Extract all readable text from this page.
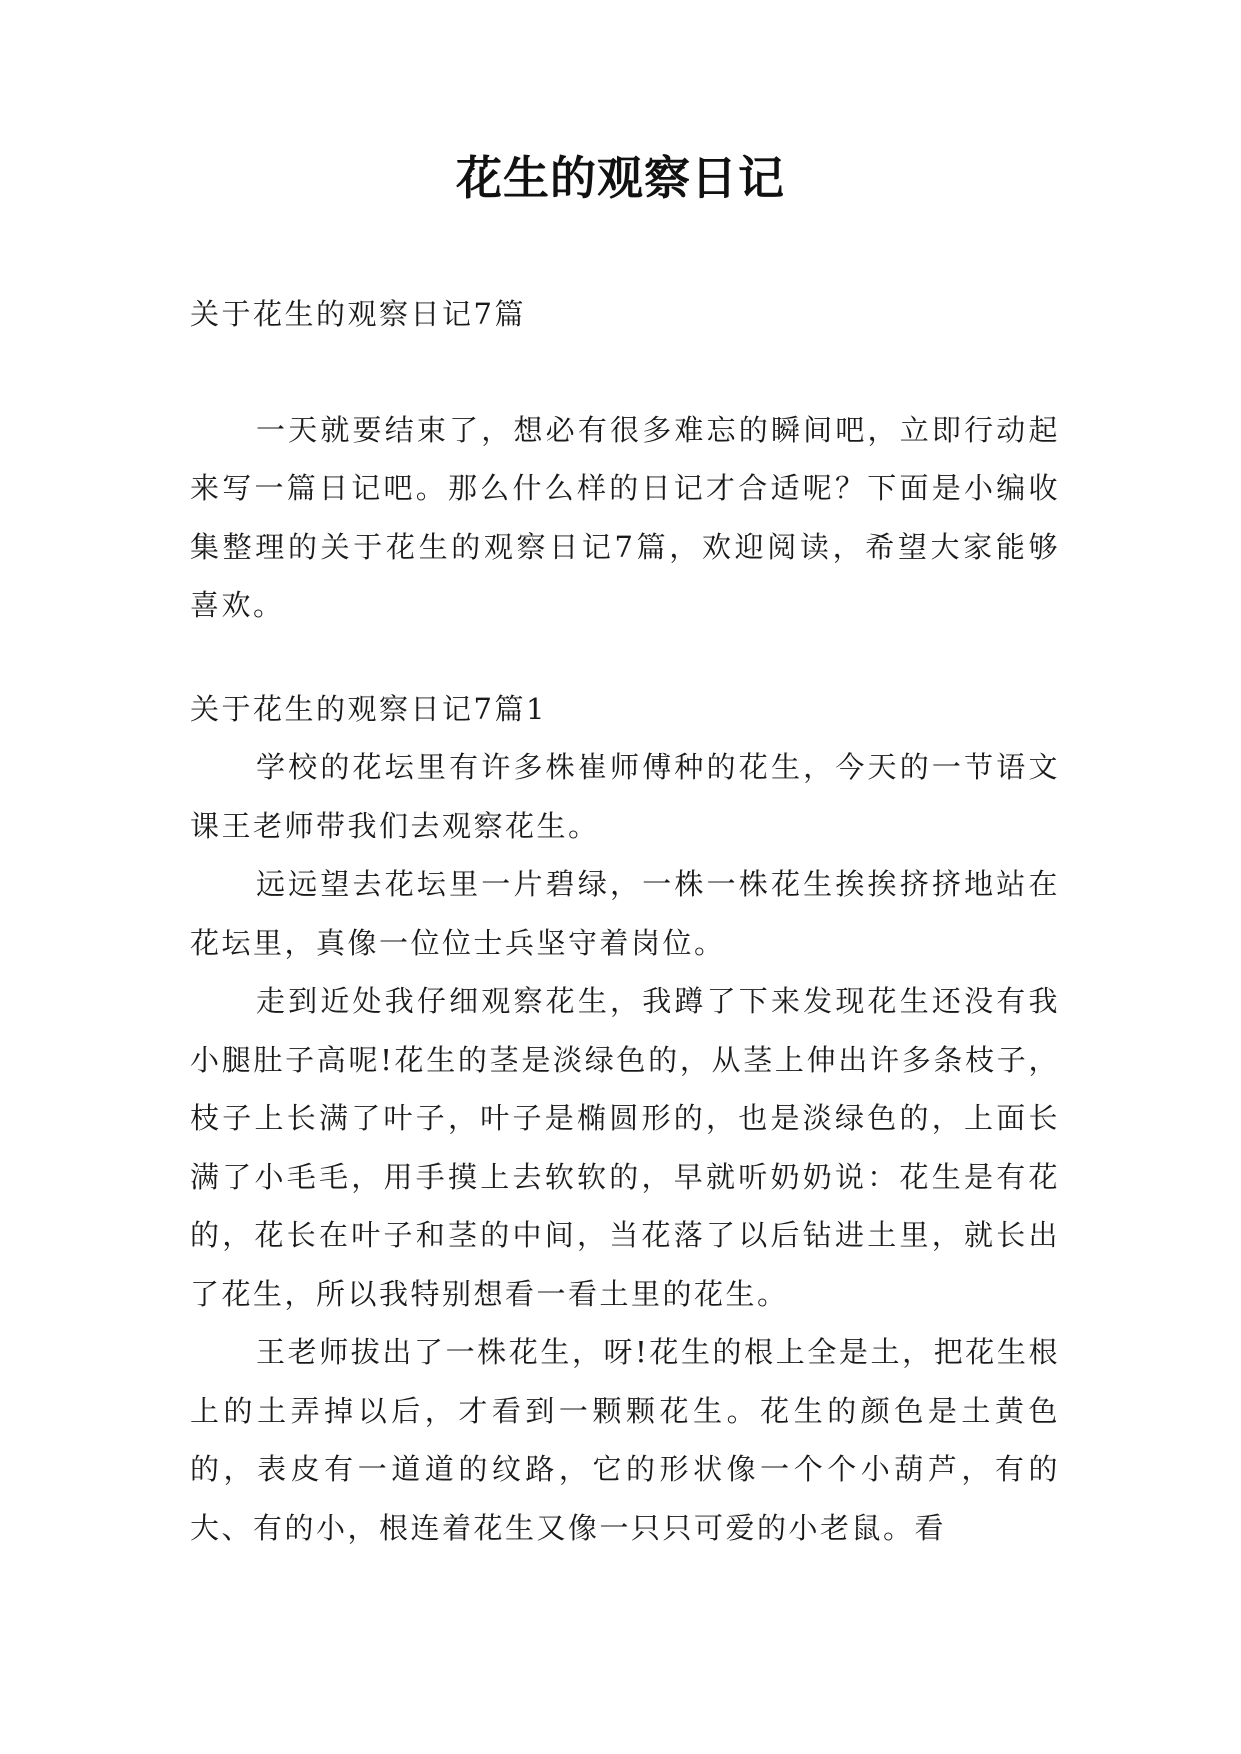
花生的观察日记

关于花生的观察日记7篇

一天就要结束了，想必有很多难忘的瞬间吧，立即行动起来写一篇日记吧。那么什么样的日记才合适呢？下面是小编收集整理的关于花生的观察日记7篇，欢迎阅读，希望大家能够喜欢。

关于花生的观察日记7篇1

学校的花坛里有许多株崔师傅种的花生，今天的一节语文课王老师带我们去观察花生。

远远望去花坛里一片碧绿，一株一株花生挨挨挤挤地站在花坛里，真像一位位士兵坚守着岗位。

走到近处我仔细观察花生，我蹲了下来发现花生还没有我小腿肚子高呢!花生的茎是淡绿色的，从茎上伸出许多条枝子，枝子上长满了叶子，叶子是椭圆形的，也是淡绿色的，上面长满了小毛毛，用手摸上去软软的，早就听奶奶说：花生是有花的，花长在叶子和茎的中间，当花落了以后钻进土里，就长出了花生，所以我特别想看一看土里的花生。

王老师拔出了一株花生，呀!花生的根上全是土，把花生根上的土弄掉以后，才看到一颗颗花生。花生的颜色是土黄色的，表皮有一道道的纹路，它的形状像一个个小葫芦，有的大、有的小，根连着花生又像一只只可爱的小老鼠。看
